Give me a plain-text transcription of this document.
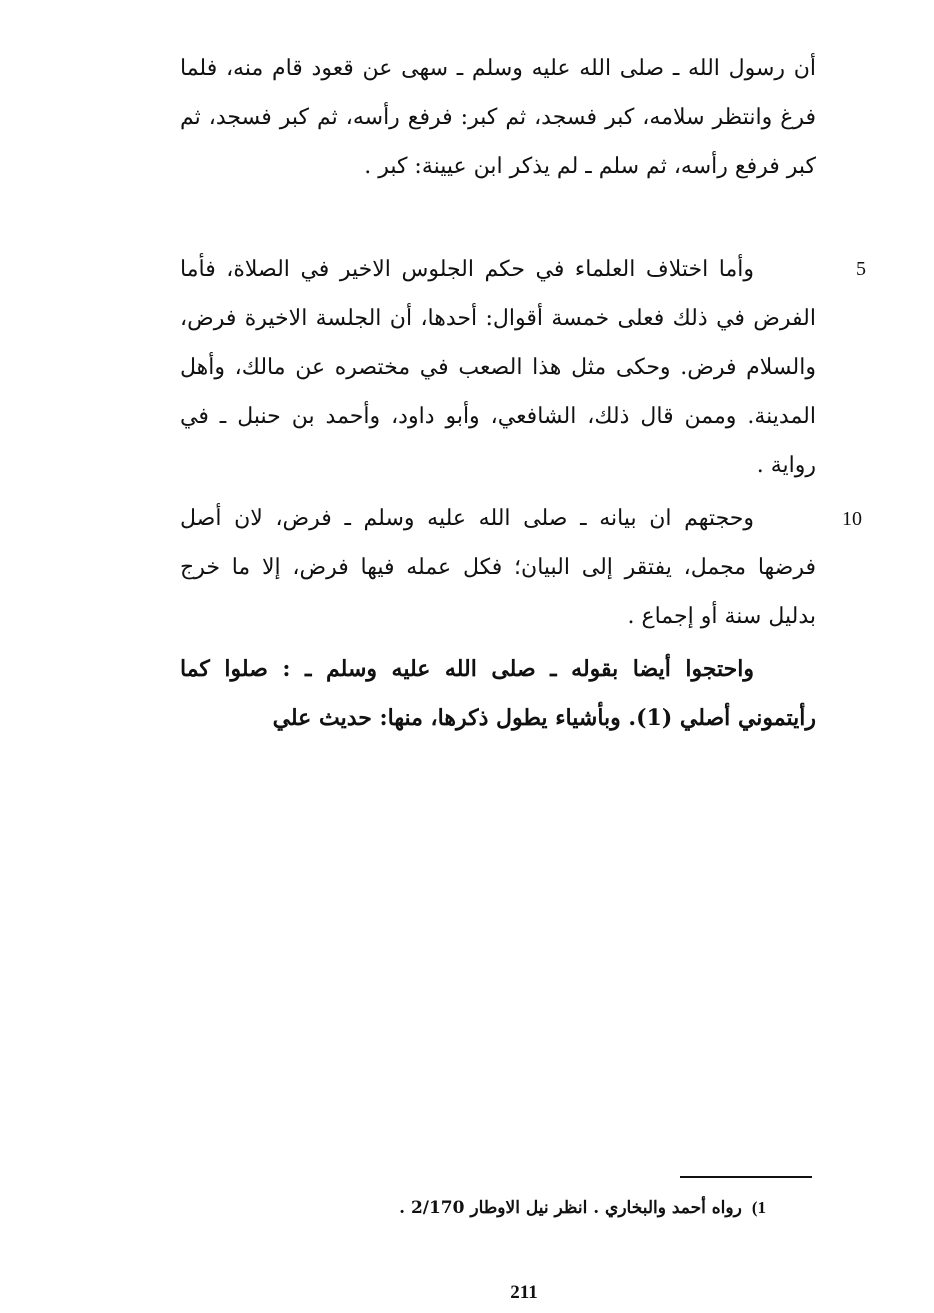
أن رسول الله ـ صلى الله عليه وسلم ـ سهى عن قعود قام منه، فلما فرغ وانتظر سلامه، كبر فسجد، ثم كبر: فرفع رأسه، ثم كبر فسجد، ثم كبر فرفع رأسه، ثم سلم ـ لم يذكر ابن عيينة: كبر .

5

وأما اختلاف العلماء في حكم الجلوس الاخير في الصلاة، فأما الفرض في ذلك فعلى خمسة أقوال: أحدها، أن الجلسة الاخيرة فرض، والسلام فرض. وحكى مثل هذا الصعب في مختصره عن مالك، وأهل المدينة. وممن قال ذلك، الشافعي، وأبو داود، وأحمد بن حنبل ـ في رواية .

10

وحجتهم ان بيانه ـ صلى الله عليه وسلم ـ فرض، لان أصل فرضها مجمل، يفتقر إلى البيان؛ فكل عمله فيها فرض، إلا ما خرج بدليل سنة أو إجماع .

واحتجوا أيضا بقوله ـ صلى الله عليه وسلم ـ : صلوا كما رأيتموني أصلي (1). وبأشياء يطول ذكرها، منها: حديث علي

1)رواه أحمد والبخاري . انظر نيل الاوطار 2/170 .

211
